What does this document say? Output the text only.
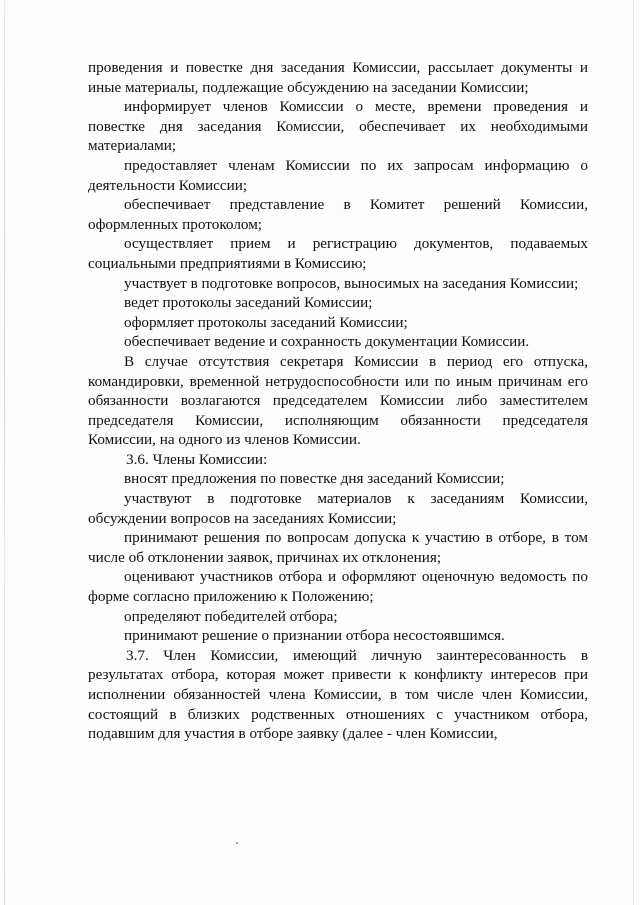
проведения и повестке дня заседания Комиссии, рассылает документы и иные материалы, подлежащие обсуждению на заседании Комиссии;

информирует членов Комиссии о месте, времени проведения и повестке дня заседания Комиссии, обеспечивает их необходимыми материалами;

предоставляет членам Комиссии по их запросам информацию о деятельности Комиссии;

обеспечивает представление в Комитет решений Комиссии, оформленных протоколом;

осуществляет прием и регистрацию документов, подаваемых социальными предприятиями в Комиссию;

участвует в подготовке вопросов, выносимых на заседания Комиссии;

ведет протоколы заседаний Комиссии;

оформляет протоколы заседаний Комиссии;

обеспечивает ведение и сохранность документации Комиссии.

В случае отсутствия секретаря Комиссии в период его отпуска, командировки, временной нетрудоспособности или по иным причинам его обязанности возлагаются председателем Комиссии либо заместителем председателя Комиссии, исполняющим обязанности председателя Комиссии, на одного из членов Комиссии.

3.6. Члены Комиссии:

вносят предложения по повестке дня заседаний Комиссии;

участвуют в подготовке материалов к заседаниям Комиссии, обсуждении вопросов на заседаниях Комиссии;

принимают решения по вопросам допуска к участию в отборе, в том числе об отклонении заявок, причинах их отклонения;

оценивают участников отбора и оформляют оценочную ведомость по форме согласно приложению к Положению;

определяют победителей отбора;

принимают решение о признании отбора несостоявшимся.

3.7. Член Комиссии, имеющий личную заинтересованность в результатах отбора, которая может привести к конфликту интересов при исполнении обязанностей члена Комиссии, в том числе член Комиссии, состоящий в близких родственных отношениях с участником отбора, подавшим для участия в отборе заявку (далее - член Комиссии,
